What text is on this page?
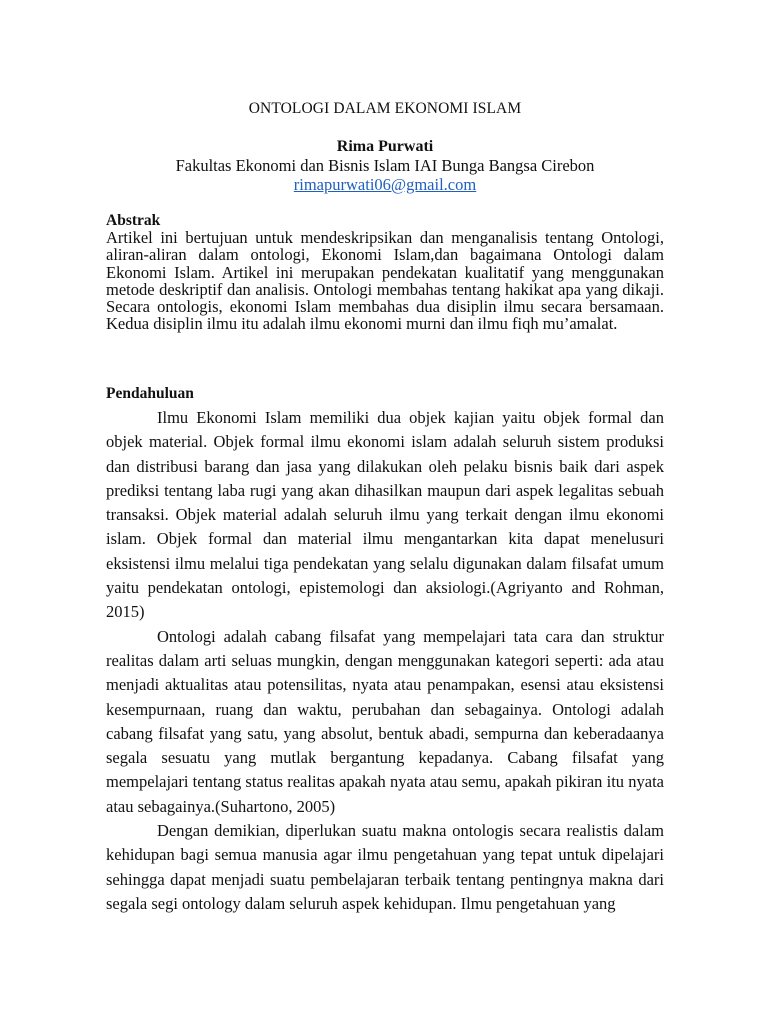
ONTOLOGI DALAM EKONOMI ISLAM
Rima Purwati
Fakultas Ekonomi dan Bisnis Islam IAI Bunga Bangsa Cirebon
rimapurwati06@gmail.com
Abstrak
Artikel ini bertujuan untuk mendeskripsikan dan menganalisis tentang Ontologi, aliran-aliran dalam ontologi, Ekonomi Islam,dan bagaimana Ontologi dalam Ekonomi Islam. Artikel ini merupakan pendekatan kualitatif yang menggunakan metode deskriptif dan analisis. Ontologi membahas tentang hakikat apa yang dikaji. Secara ontologis, ekonomi Islam membahas dua disiplin ilmu secara bersamaan. Kedua disiplin ilmu itu adalah ilmu ekonomi murni dan ilmu fiqh mu’amalat.
Pendahuluan

Ilmu Ekonomi Islam memiliki dua objek kajian yaitu objek formal dan objek material. Objek formal ilmu ekonomi islam adalah seluruh sistem produksi dan distribusi barang dan jasa yang dilakukan oleh pelaku bisnis baik dari aspek prediksi tentang laba rugi yang akan dihasilkan maupun dari aspek legalitas sebuah transaksi. Objek material adalah seluruh ilmu yang terkait dengan ilmu ekonomi islam. Objek formal dan material ilmu mengantarkan kita dapat menelusuri eksistensi ilmu melalui tiga pendekatan yang selalu digunakan dalam filsafat umum yaitu pendekatan ontologi, epistemologi dan aksiologi.(Agriyanto and Rohman, 2015)

Ontologi adalah cabang filsafat yang mempelajari tata cara dan struktur realitas dalam arti seluas mungkin, dengan menggunakan kategori seperti: ada atau menjadi aktualitas atau potensilitas, nyata atau penampakan, esensi atau eksistensi kesempurnaan, ruang dan waktu, perubahan dan sebagainya. Ontologi adalah cabang filsafat yang satu, yang absolut, bentuk abadi, sempurna dan keberadaanya segala sesuatu yang mutlak bergantung kepadanya. Cabang filsafat yang mempelajari tentang status realitas apakah nyata atau semu, apakah pikiran itu nyata atau sebagainya.(Suhartono, 2005)

Dengan demikian, diperlukan suatu makna ontologis secara realistis dalam kehidupan bagi semua manusia agar ilmu pengetahuan yang tepat untuk dipelajari sehingga dapat menjadi suatu pembelajaran terbaik tentang pentingnya makna dari segala segi ontology dalam seluruh aspek kehidupan. Ilmu pengetahuan yang
